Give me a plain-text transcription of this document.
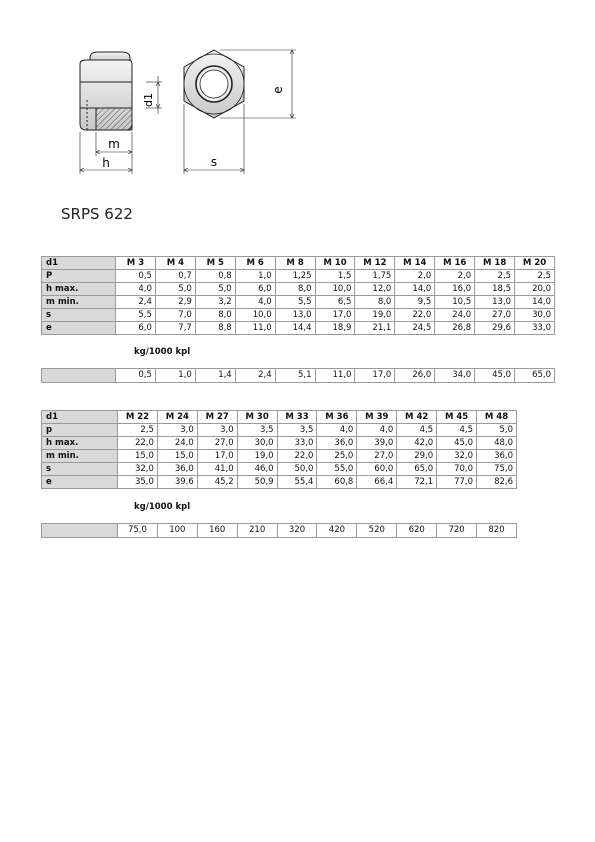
d1
m
h
e
s
SRPS 622
d1	M 3	M 4	M 5	M 6	M 8	M 10	M 12	M 14	M 16	M 18	M 20
P	0,5	0,7	0,8	1,0	1,25	1,5	1,75	2,0	2,0	2,5	2,5
h max.	4,0	5,0	5,0	6,0	8,0	10,0	12,0	14,0	16,0	18,5	20,0
m min.	2,4	2,9	3,2	4,0	5,5	6,5	8,0	9,5	10,5	13,0	14,0
s	5,5	7,0	8,0	10,0	13,0	17,0	19,0	22,0	24,0	27,0	30,0
e	6,0	7,7	8,8	11,0	14,4	18,9	21,1	24,5	26,8	29,6	33,0
kg/1000 kpl
	0,5	1,0	1,4	2,4	5,1	11,0	17,0	26,0	34,0	45,0	65,0
d1	M 22	M 24	M 27	M 30	M 33	M 36	M 39	M 42	M 45	M 48
p	2,5	3,0	3,0	3,5	3,5	4,0	4,0	4,5	4,5	5,0
h max.	22,0	24,0	27,0	30,0	33,0	36,0	39,0	42,0	45,0	48,0
m min.	15,0	15,0	17,0	19,0	22,0	25,0	27,0	29,0	32,0	36,0
s	32,0	36,0	41,0	46,0	50,0	55,0	60,0	65,0	70,0	75,0
e	35,0	39,6	45,2	50,9	55,4	60,8	66,4	72,1	77,0	82,6
kg/1000 kpl
	75,0	100	160	210	320	420	520	620	720	820
